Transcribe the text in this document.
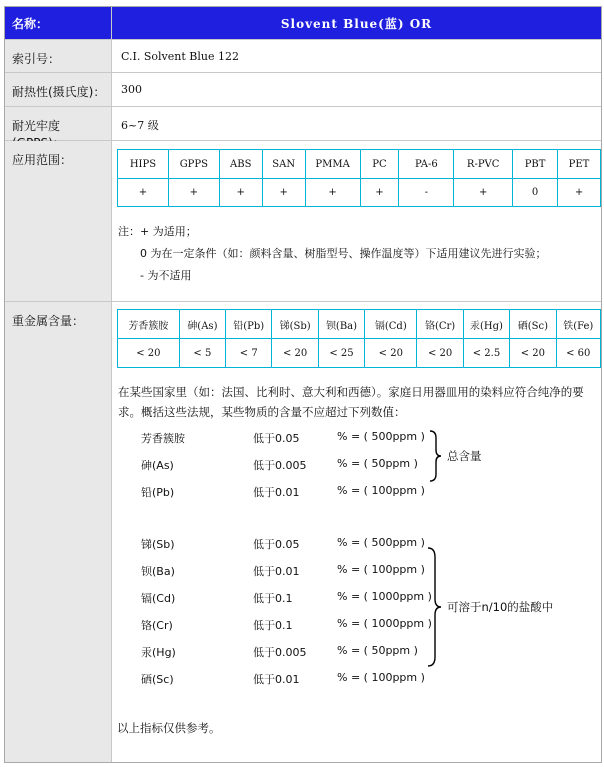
名称：	Slovent Blue(蓝) OR
索引号：	C.I. Solvent Blue 122
耐热性(摄氏度)：	300
耐光牢度	6~7 级
应用范围：	HIPS	GPPS	ABS	SAN	PMMA	PC	PA-6	R-PVC	PBT	PET
+	+	+	+	+	+	-	+	0	+
注：+ 为适用；
0 为在一定条件（如：颜料含量、树脂型号、操作温度等）下适用建议先进行实验；
- 为不适用
重金属含量：	芳香簇胺	砷(As)	铅(Pb)	锑(Sb)	钡(Ba)	镉(Cd)	铬(Cr)	汞(Hg)	硒(Sc)	铁(Fe)
< 20	< 5	< 7	< 20	< 25	< 20	< 20	< 2.5	< 20	< 60
在某些国家里（如：法国、比利时、意大利和西德）。家庭日用器皿用的染料应符合纯净的要求。概括这些法规，某些物质的含量不应超过下列数值：
总含量
可溶于n/10的盐酸中
以上指标仅供参考。
芳香簇胺	低于0.05	% = ( 500ppm )
砷(As)	低于0.005	% = ( 50ppm )
铅(Pb)	低于0.01	% = ( 100ppm )
锑(Sb)	低于0.05	% = ( 500ppm )
钡(Ba)	低于0.01	% = ( 100ppm )
镉(Cd)	低于0.1	% = ( 1000ppm )
铬(Cr)	低于0.1	% = ( 1000ppm )
汞(Hg)	低于0.005	% = ( 50ppm )
硒(Sc)	低于0.01	% = ( 100ppm )
